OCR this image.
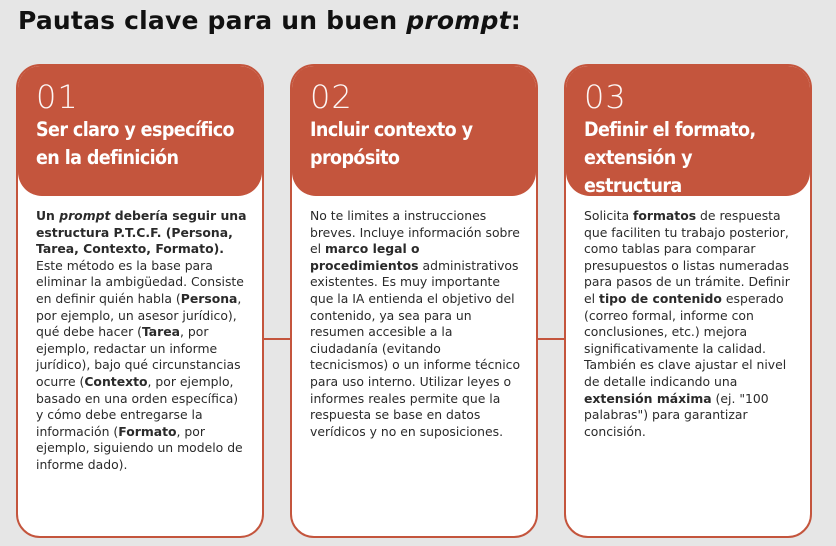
Pautas clave para un buen prompt:
01
Ser claro y específico
en la definición
Un prompt debería seguir una estructura P.T.C.F. (Persona, Tarea, Contexto, Formato). Este método es la base para eliminar la ambigüedad. Consiste en definir quién habla (Persona, por ejemplo, un asesor jurídico), qué debe hacer (Tarea, por ejemplo, redactar un informe jurídico), bajo qué circunstancias ocurre (Contexto, por ejemplo, basado en una orden específica) y cómo debe entregarse la información (Formato, por ejemplo, siguiendo un modelo de informe dado).
02
Incluir contexto y
propósito
No te limites a instrucciones breves. Incluye información sobre el marco legal o procedimientos administrativos existentes. Es muy importante que la IA entienda el objetivo del contenido, ya sea para un resumen accesible a la ciudadanía (evitando tecnicismos) o un informe técnico para uso interno. Utilizar leyes o informes reales permite que la respuesta se base en datos verídicos y no en suposiciones.
03
Definir el formato,
extensión y estructura
Solicita formatos de respuesta que faciliten tu trabajo posterior, como tablas para comparar presupuestos o listas numeradas para pasos de un trámite. Definir el tipo de contenido esperado (correo formal, informe con conclusiones, etc.) mejora significativamente la calidad. También es clave ajustar el nivel de detalle indicando una extensión máxima (ej. "100 palabras") para garantizar concisión.
